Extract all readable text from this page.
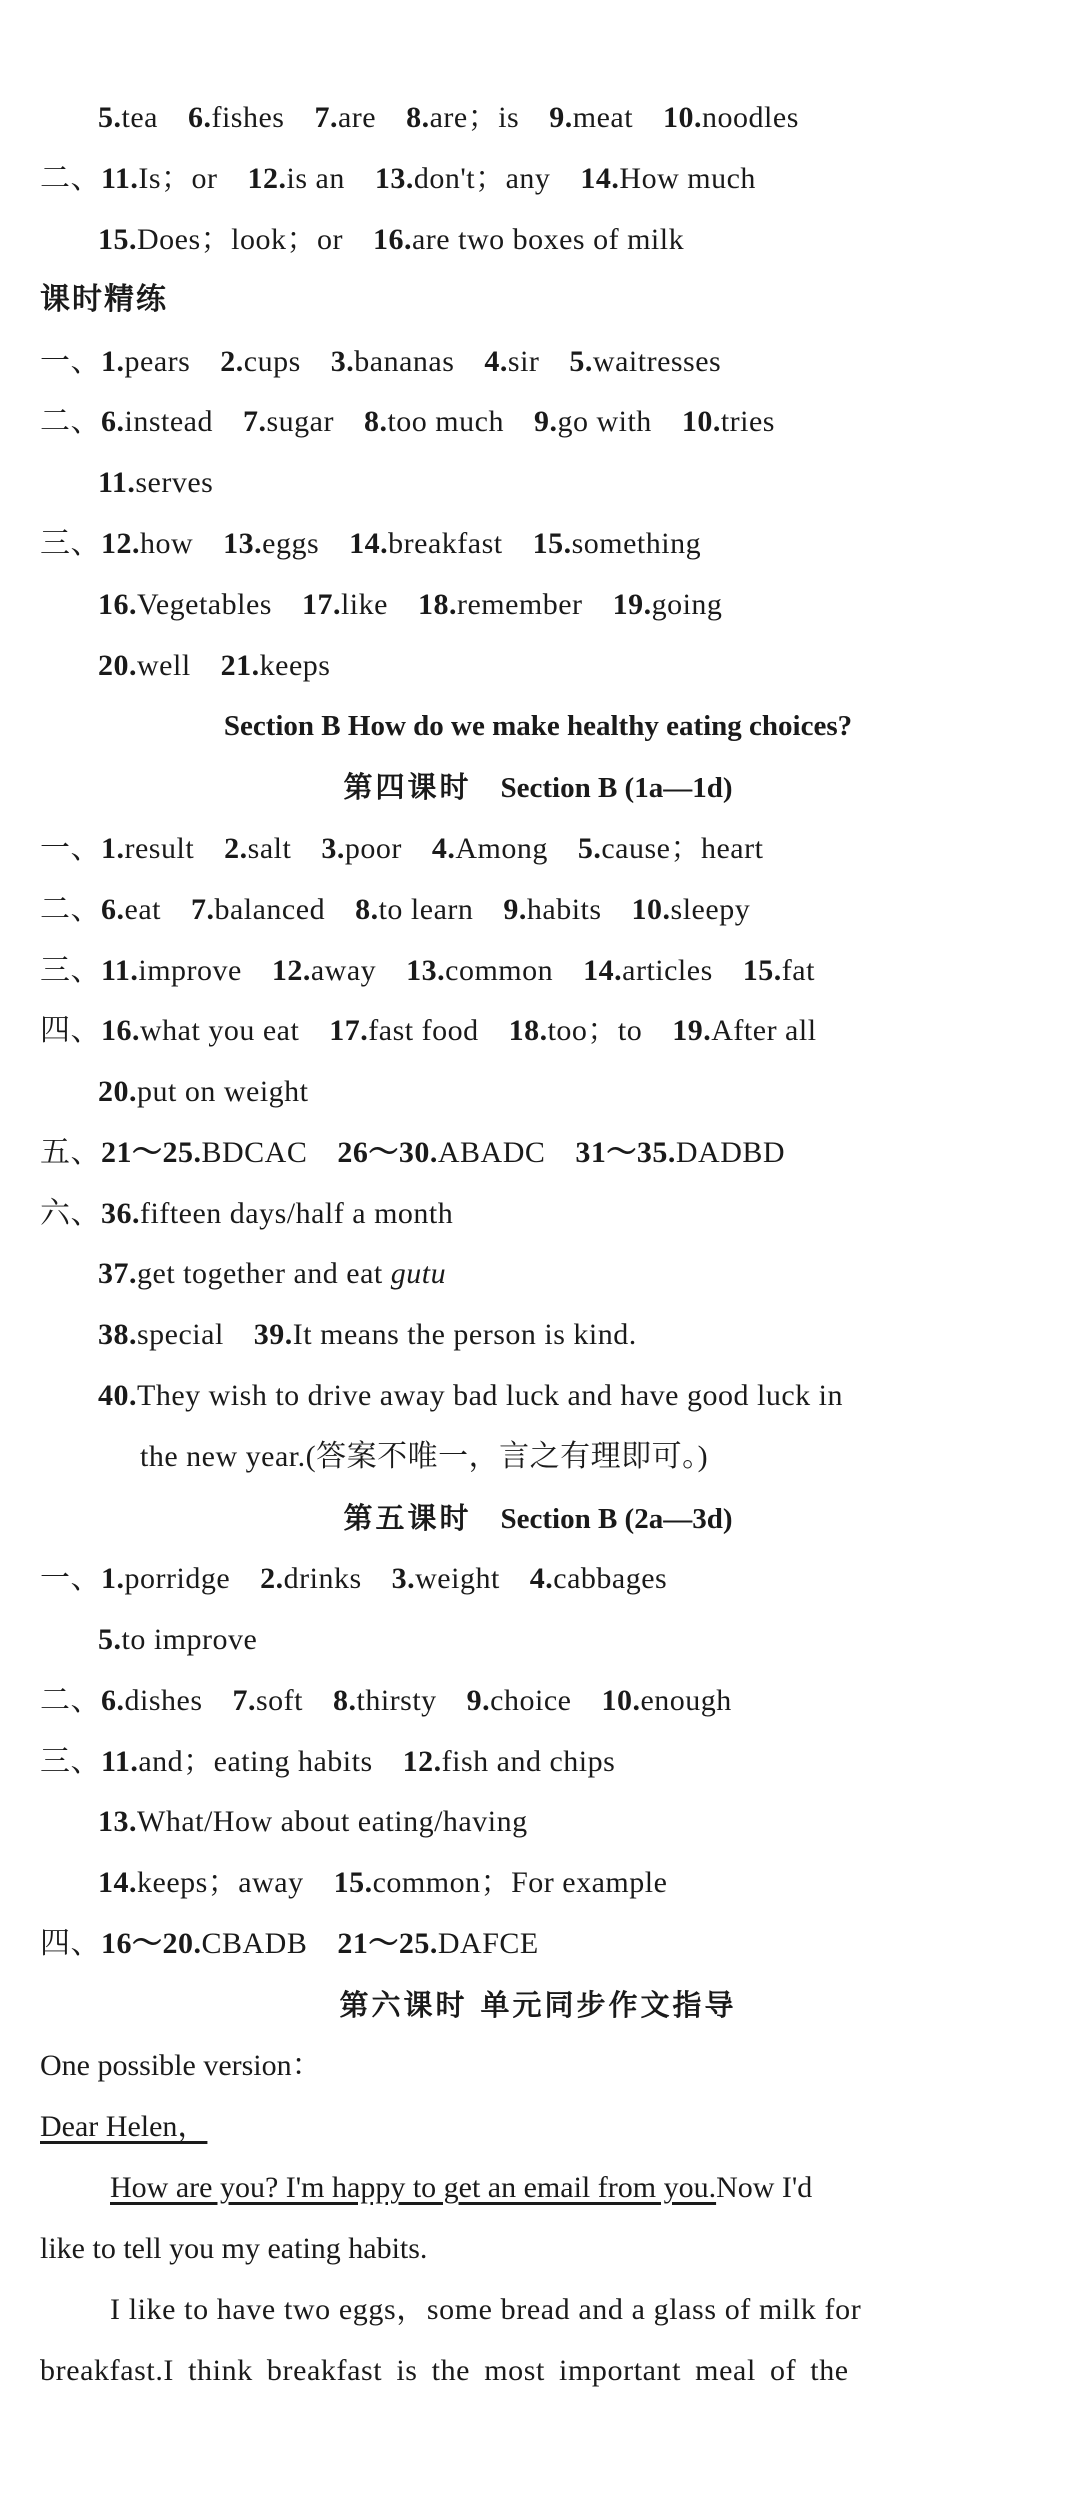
5.tea 6.fishes 7.are 8.are；is 9.meat 10.noodles
二、11.Is；or 12.is an 13.don't；any 14.How much
15.Does；look；or 16.are two boxes of milk
课时精练
一、1.pears 2.cups 3.bananas 4.sir 5.waitresses
二、6.instead 7.sugar 8.too much 9.go with 10.tries
11.serves
三、12.how 13.eggs 14.breakfast 15.something
16.Vegetables 17.like 18.remember 19.going
20.well 21.keeps
Section B How do we make healthy eating choices?
第四课时 Section B (1a—1d)
一、1.result 2.salt 3.poor 4.Among 5.cause；heart
二、6.eat 7.balanced 8.to learn 9.habits 10.sleepy
三、11.improve 12.away 13.common 14.articles 15.fat
四、16.what you eat 17.fast food 18.too；to 19.After all
20.put on weight
五、21～25.BDCAC 26～30.ABADC 31～35.DADBD
六、36.fifteen days/half a month
37.get together and eat gutu
38.special 39.It means the person is kind.
40.They wish to drive away bad luck and have good luck in
the new year.(答案不唯一，言之有理即可。)
第五课时 Section B (2a—3d)
一、1.porridge 2.drinks 3.weight 4.cabbages
5.to improve
二、6.dishes 7.soft 8.thirsty 9.choice 10.enough
三、11.and；eating habits 12.fish and chips
13.What/How about eating/having
14.keeps；away 15.common；For example
四、16～20.CBADB 21～25.DAFCE
第六课时 单元同步作文指导
One possible version：
Dear Helen，
How are you? I'm happy to get an email from you.Now I'd
like to tell you my eating habits.
I like to have two eggs，some bread and a glass of milk for
breakfast.I think breakfast is the most important meal of the
